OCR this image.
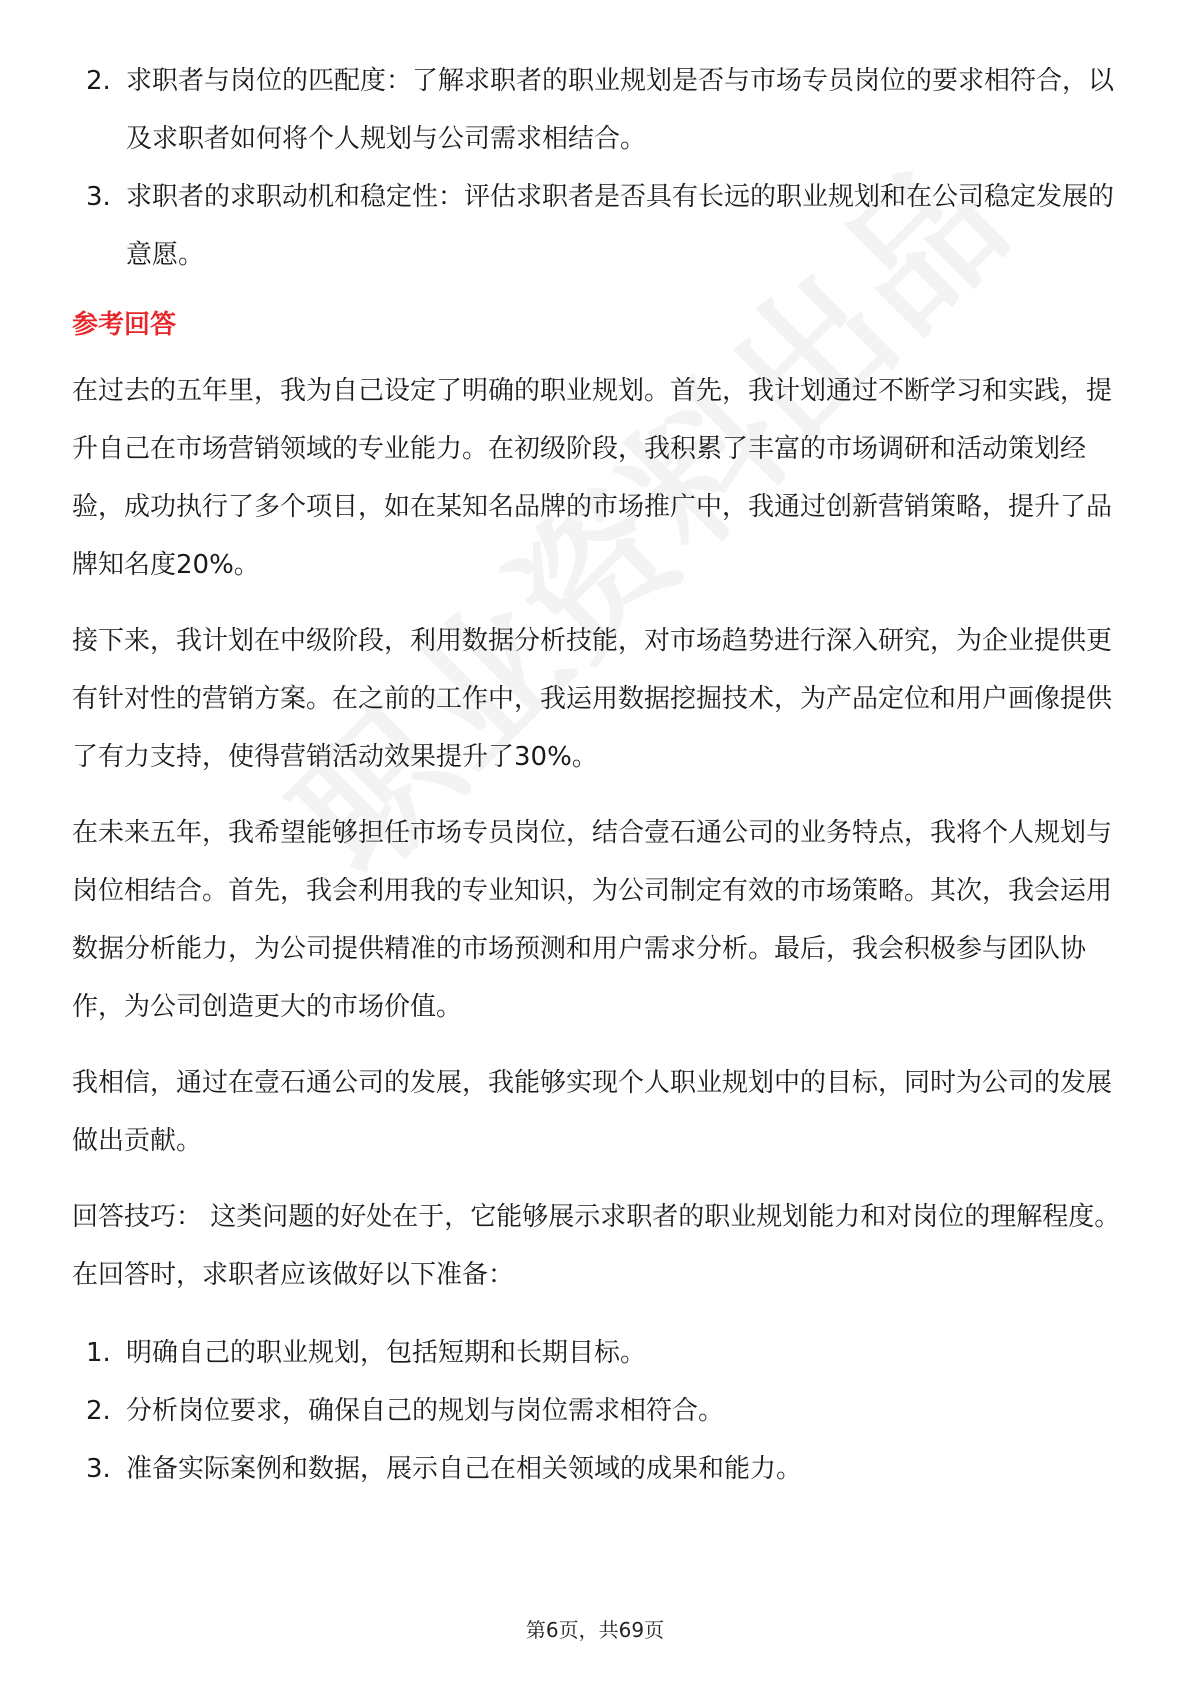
2. 求职者与岗位的匹配度：了解求职者的职业规划是否与市场专员岗位的要求相符合，以及求职者如何将个人规划与公司需求相结合。
3. 求职者的求职动机和稳定性：评估求职者是否具有长远的职业规划和在公司稳定发展的意愿。
参考回答

在过去的五年里，我为自己设定了明确的职业规划。首先，我计划通过不断学习和实践，提升自己在市场营销领域的专业能力。在初级阶段，我积累了丰富的市场调研和活动策划经验，成功执行了多个项目，如在某知名品牌的市场推广中，我通过创新营销策略，提升了品牌知名度20%。

接下来，我计划在中级阶段，利用数据分析技能，对市场趋势进行深入研究，为企业提供更有针对性的营销方案。在之前的工作中，我运用数据挖掘技术，为产品定位和用户画像提供了有力支持，使得营销活动效果提升了30%。

在未来五年，我希望能够担任市场专员岗位，结合壹石通公司的业务特点，我将个人规划与岗位相结合。首先，我会利用我的专业知识，为公司制定有效的市场策略。其次，我会运用数据分析能力，为公司提供精准的市场预测和用户需求分析。最后，我会积极参与团队协作，为公司创造更大的市场价值。

我相信，通过在壹石通公司的发展，我能够实现个人职业规划中的目标，同时为公司的发展做出贡献。

回答技巧： 这类问题的好处在于，它能够展示求职者的职业规划能力和对岗位的理解程度。在回答时，求职者应该做好以下准备：

1. 明确自己的职业规划，包括短期和长期目标。
2. 分析岗位要求，确保自己的规划与岗位需求相符合。
3. 准备实际案例和数据，展示自己在相关领域的成果和能力。
第6页，共69页
